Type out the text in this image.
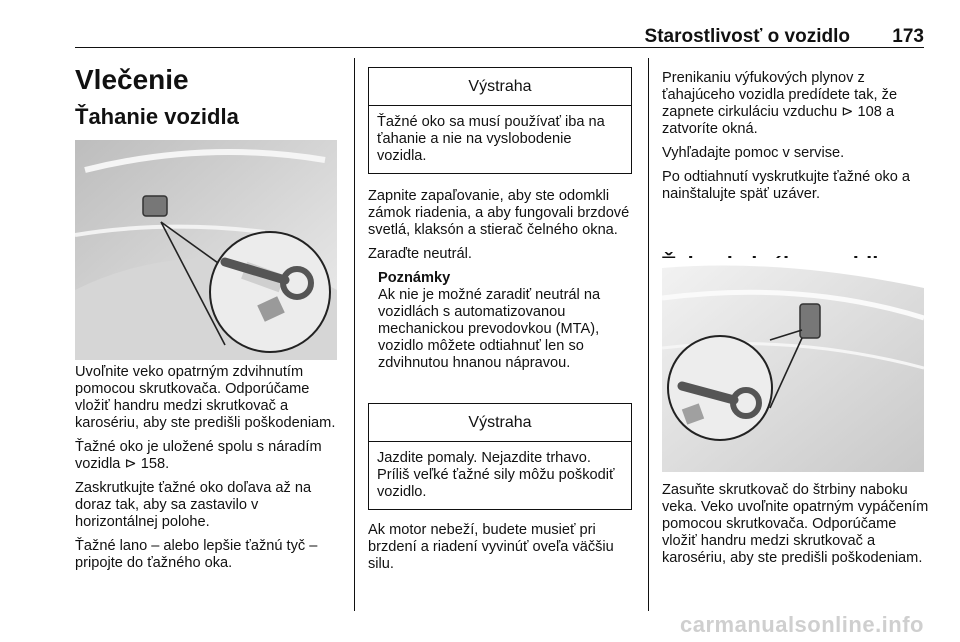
Starostlivosť o vozidlo 173
Vlečenie
Ťahanie vozidla

Uvoľnite veko opatrným zdvihnutím pomocou skrutkovača. Odporúčame vložiť handru medzi skrutkovač a karosériu, aby ste predišli poškodeniam.

Ťažné oko je uložené spolu s náradím vozidla ⊳ 158.

Zaskrutkujte ťažné oko doľava až na doraz tak, aby sa zastavilo v horizontálnej polohe.

Ťažné lano – alebo lepšie ťažnú tyč – pripojte do ťažného oka.

Výstraha
Ťažné oko sa musí používať iba na ťahanie a nie na vyslobodenie vozidla.

Zapnite zapaľovanie, aby ste odomkli zámok riadenia, a aby fungovali brzdové svetlá, klaksón a stierač čelného okna.

Zaraďte neutrál.

Poznámky

Ak nie je možné zaradiť neutrál na vozidlách s automatizovanou mechanickou prevodovkou (MTA), vozidlo môžete odtiahnuť len so zdvihnutou hnanou nápravou.

Výstraha
Jazdite pomaly. Nejazdite trhavo. Príliš veľké ťažné sily môžu poškodiť vozidlo.

Ak motor nebeží, budete musieť pri brzdení a riadení vyvinúť oveľa väčšiu silu.

Prenikaniu výfukových plynov z ťahajúceho vozidla predídete tak, že zapnete cirkuláciu vzduchu ⊳ 108 a zatvoríte okná.

Vyhľadajte pomoc v servise.

Po odtiahnutí vyskrutkujte ťažné oko a nainštalujte späť uzáver.

Zasuňte skrutkovač do štrbiny naboku veka. Veko uvoľnite opatrným vypáčením pomocou skrutkovača. Odporúčame vložiť handru medzi skrutkovač a karosériu, aby ste predišli poškodeniam.

carmanualsonline.info
